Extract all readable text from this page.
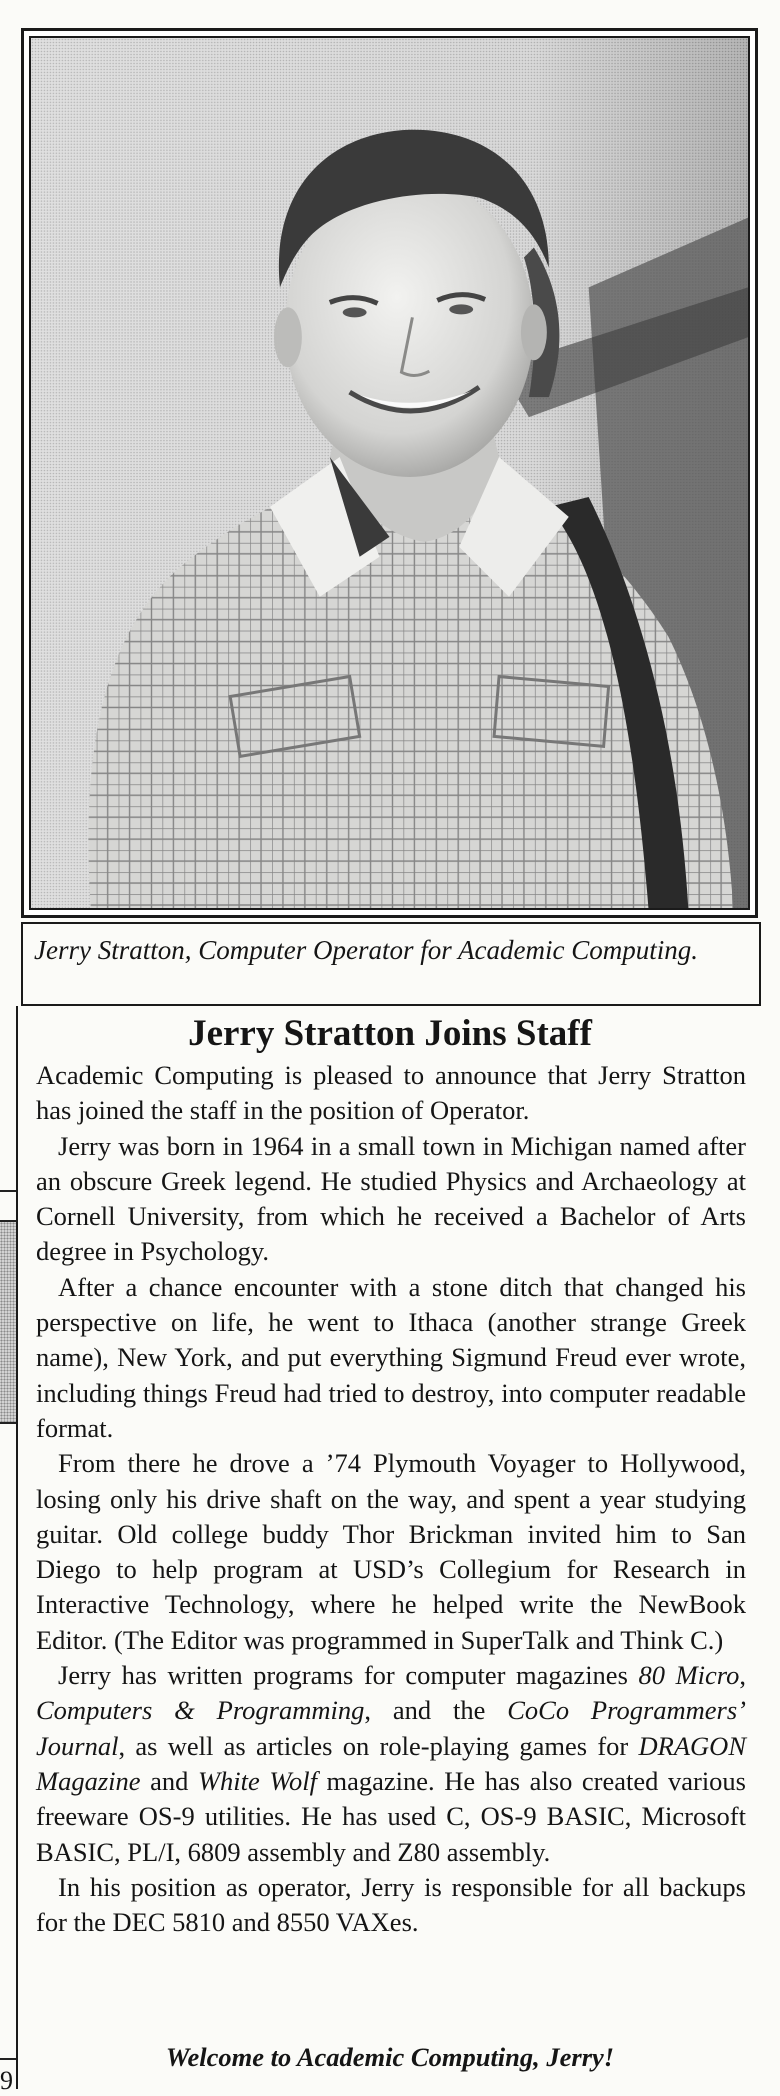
Jerry Stratton, Computer Operator for Academic Computing.
Jerry Stratton Joins Staff

Academic Computing is pleased to announce that Jerry Stratton has joined the staff in the position of Operator.

Jerry was born in 1964 in a small town in Michigan named after an obscure Greek legend. He studied Physics and Archaeology at Cornell University, from which he received a Bachelor of Arts degree in Psychology.

After a chance encounter with a stone ditch that changed his perspective on life, he went to Ithaca (another strange Greek name), New York, and put everything Sigmund Freud ever wrote, including things Freud had tried to destroy, into computer readable format.

From there he drove a ’74 Plymouth Voyager to Hollywood, losing only his drive shaft on the way, and spent a year studying guitar. Old college buddy Thor Brickman invited him to San Diego to help program at USD’s Collegium for Research in Interactive Technology, where he helped write the NewBook Editor. (The Editor was programmed in SuperTalk and Think C.)

Jerry has written programs for computer magazines 80 Micro, Computers & Programming, and the CoCo Programmers’ Journal, as well as articles on role-playing games for DRAGON Magazine and White Wolf magazine. He has also created various freeware OS-9 utilities. He has used C, OS-9 BASIC, Microsoft BASIC, PL/I, 6809 assembly and Z80 assembly.

In his position as operator, Jerry is responsible for all backups for the DEC 5810 and 8550 VAXes.

Welcome to Academic Computing, Jerry!
9
